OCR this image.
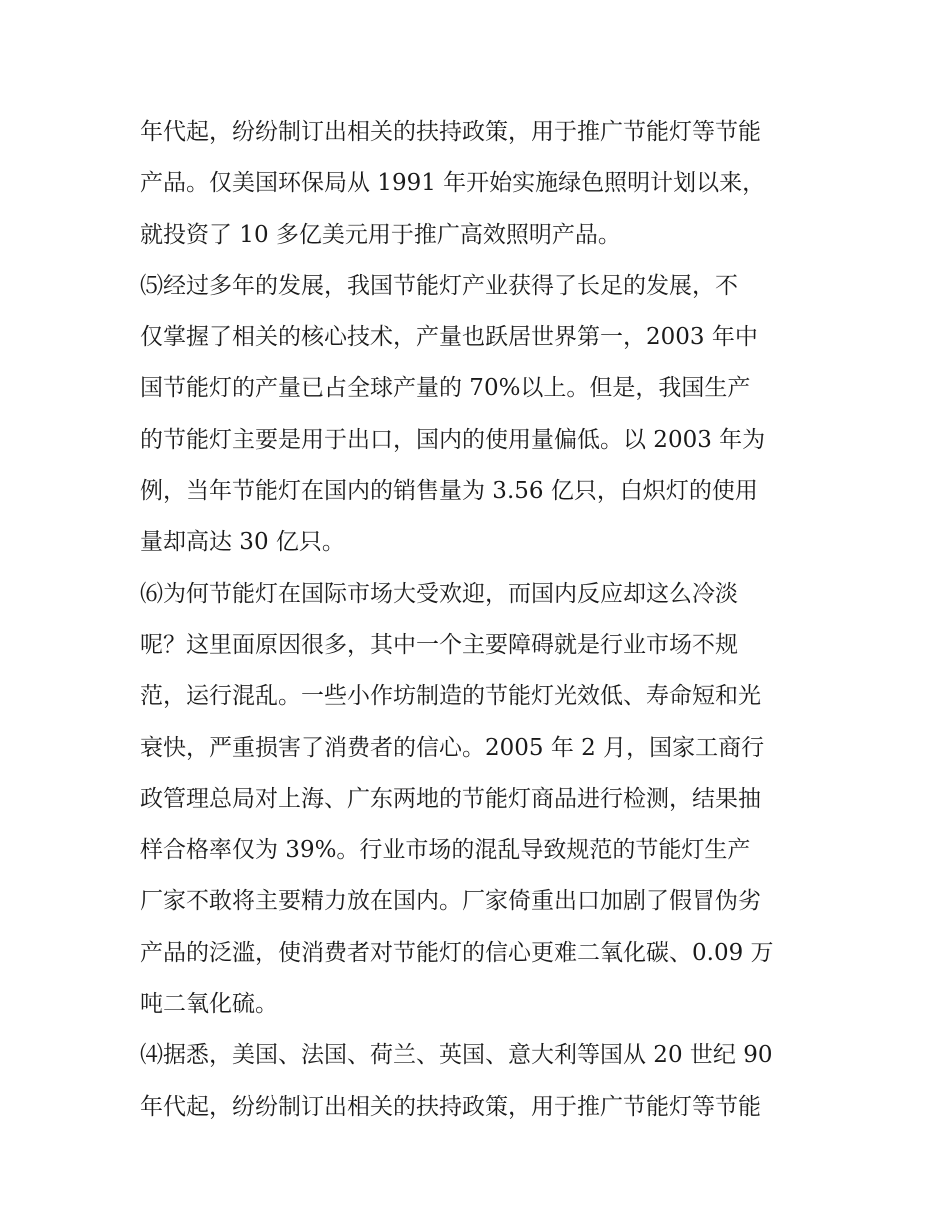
年代起，纷纷制订出相关的扶持政策，用于推广节能灯等节能
产品。仅美国环保局从 1991 年开始实施绿色照明计划以来，
就投资了 10 多亿美元用于推广高效照明产品。
⑸经过多年的发展，我国节能灯产业获得了长足的发展，不
仅掌握了相关的核心技术，产量也跃居世界第一，2003 年中
国节能灯的产量已占全球产量的 70%以上。但是，我国生产
的节能灯主要是用于出口，国内的使用量偏低。以 2003 年为
例，当年节能灯在国内的销售量为 3.56 亿只，白炽灯的使用
量却高达 30 亿只。
⑹为何节能灯在国际市场大受欢迎，而国内反应却这么冷淡
呢？这里面原因很多，其中一个主要障碍就是行业市场不规
范，运行混乱。一些小作坊制造的节能灯光效低、寿命短和光
衰快，严重损害了消费者的信心。2005 年 2 月，国家工商行
政管理总局对上海、广东两地的节能灯商品进行检测，结果抽
样合格率仅为 39%。行业市场的混乱导致规范的节能灯生产
厂家不敢将主要精力放在国内。厂家倚重出口加剧了假冒伪劣
产品的泛滥，使消费者对节能灯的信心更难二氧化碳、0.09 万
吨二氧化硫。
⑷据悉，美国、法国、荷兰、英国、意大利等国从 20 世纪 90
年代起，纷纷制订出相关的扶持政策，用于推广节能灯等节能
